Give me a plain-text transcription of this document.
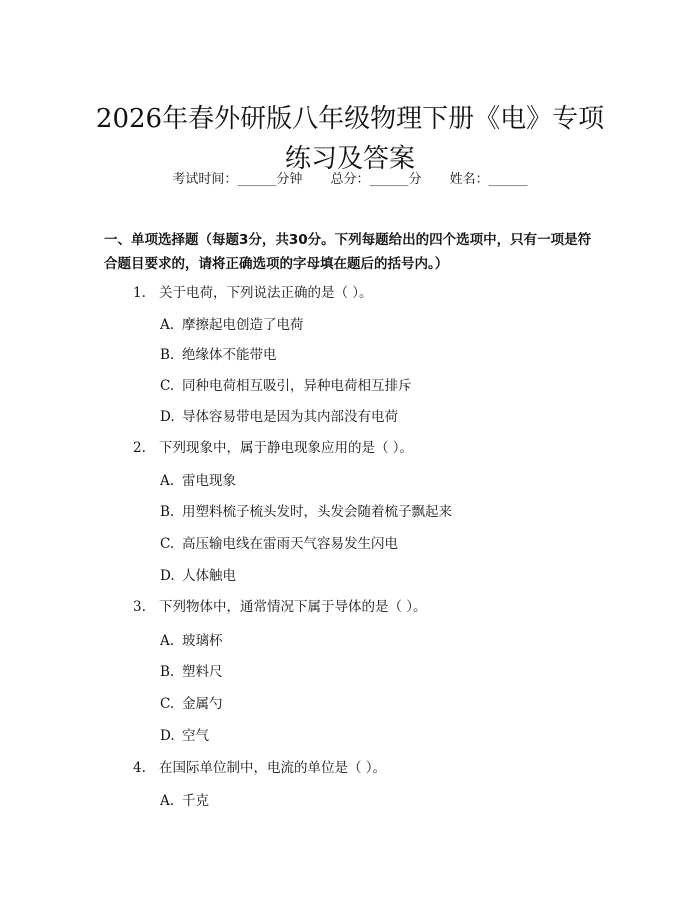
2026年春外研版八年级物理下册《电》专项
练习及答案
考试时间：______分钟 总分：______分 姓名：______
一、单项选择题（每题3分，共30分。下列每题给出的四个选项中，只有一项是符合题目要求的，请将正确选项的字母填在题后的括号内。）
1. 关于电荷，下列说法正确的是（ ）。
A. 摩擦起电创造了电荷
B. 绝缘体不能带电
C. 同种电荷相互吸引，异种电荷相互排斥
D. 导体容易带电是因为其内部没有电荷
2. 下列现象中，属于静电现象应用的是（ ）。
A. 雷电现象
B. 用塑料梳子梳头发时，头发会随着梳子飘起来
C. 高压输电线在雷雨天气容易发生闪电
D. 人体触电
3. 下列物体中，通常情况下属于导体的是（ ）。
A. 玻璃杯
B. 塑料尺
C. 金属勺
D. 空气
4. 在国际单位制中，电流的单位是（ ）。
A. 千克
